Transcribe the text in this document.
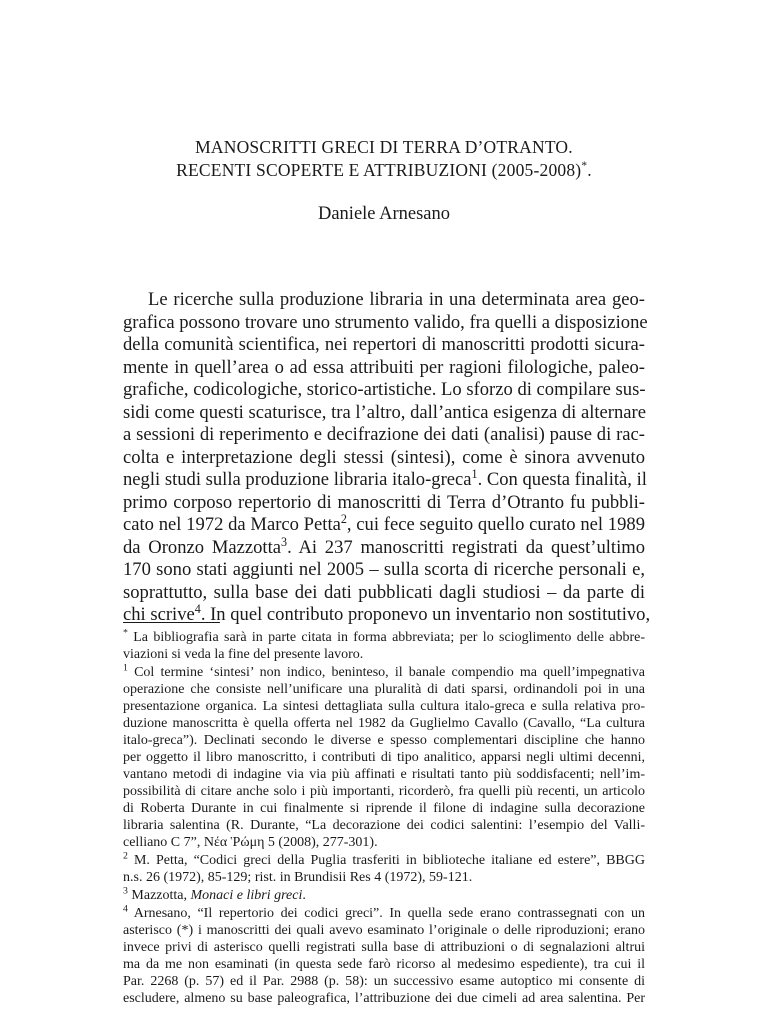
MANOSCRITTI GRECI DI TERRA D’OTRANTO.
RECENTI SCOPERTE E ATTRIBUZIONI (2005-2008)*.
Daniele Arnesano
Le ricerche sulla produzione libraria in una determinata area geo-
grafica possono trovare uno strumento valido, fra quelli a disposizione
della comunità scientifica, nei repertori di manoscritti prodotti sicura-
mente in quell’area o ad essa attribuiti per ragioni filologiche, paleo-
grafiche, codicologiche, storico-artistiche. Lo sforzo di compilare sus-
sidi come questi scaturisce, tra l’altro, dall’antica esigenza di alternare
a sessioni di reperimento e decifrazione dei dati (analisi) pause di rac-
colta e interpretazione degli stessi (sintesi), come è sinora avvenuto
negli studi sulla produzione libraria italo-greca$^1$. Con questa finalità, il
primo corposo repertorio di manoscritti di Terra d’Otranto fu pubbli-
cato nel 1972 da Marco Petta$^2$, cui fece seguito quello curato nel 1989
da Oronzo Mazzotta$^3$. Ai 237 manoscritti registrati da quest’ultimo
170 sono stati aggiunti nel 2005 – sulla scorta di ricerche personali e,
soprattutto, sulla base dei dati pubblicati dagli studiosi – da parte di
chi scrive$^4$. In quel contributo proponevo un inventario non sostitutivo,
* La bibliografia sarà in parte citata in forma abbreviata; per lo scioglimento delle abbre-
viazioni si veda la fine del presente lavoro.
$^1$ Col termine ‘sintesi’ non indico, beninteso, il banale compendio ma quell’impegnativa
operazione che consiste nell’unificare una pluralità di dati sparsi, ordinandoli poi in una
presentazione organica. La sintesi dettagliata sulla cultura italo-greca e sulla relativa pro-
duzione manoscritta è quella offerta nel 1982 da Guglielmo Cavallo (Cavallo, “La cultura
italo-greca”). Declinati secondo le diverse e spesso complementari discipline che hanno
per oggetto il libro manoscritto, i contributi di tipo analitico, apparsi negli ultimi decenni,
vantano metodi di indagine via via più affinati e risultati tanto più soddisfacenti; nell’im-
possibilità di citare anche solo i più importanti, ricorderò, fra quelli più recenti, un articolo
di Roberta Durante in cui finalmente si riprende il filone di indagine sulla decorazione
libraria salentina (R. Durante, “La decorazione dei codici salentini: l’esempio del Valli-
celliano C 7”, Νέα Ῥώμη 5 (2008), 277-301).
$^2$ M. Petta, “Codici greci della Puglia trasferiti in biblioteche italiane ed estere”, BBGG
n.s. 26 (1972), 85-129; rist. in Brundisii Res 4 (1972), 59-121.
$^3$ Mazzotta, Monaci e libri greci.
$^4$ Arnesano, “Il repertorio dei codici greci”. In quella sede erano contrassegnati con un
asterisco (*) i manoscritti dei quali avevo esaminato l’originale o delle riproduzioni; erano
invece privi di asterisco quelli registrati sulla base di attribuzioni o di segnalazioni altrui
ma da me non esaminati (in questa sede farò ricorso al medesimo espediente), tra cui il
Par. 2268 (p. 57) ed il Par. 2988 (p. 58): un successivo esame autoptico mi consente di
escludere, almeno su base paleografica, l’attribuzione dei due cimeli ad area salentina. Per
